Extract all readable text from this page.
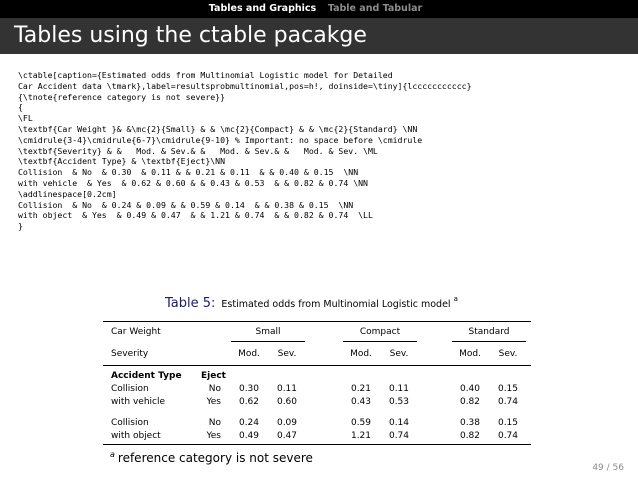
Tables and Graphics	Table and Tabular
Tables using the ctable pacakge
\ctable[caption={Estimated odds from Multinomial Logistic model for Detailed
Car Accident data \tmark},label=resultsprobmultinomial,pos=h!, doinside=\tiny]{lccccccccccc}
{\tnote{reference category is not severe}}
{
\FL
\textbf{Car Weight }& &\mc{2}{Small} & & \mc{2}{Compact} & & \mc{2}{Standard} \NN
\cmidrule{3-4}\cmidrule{6-7}\cmidrule{9-10} % Important: no space before \cmidrule
\textbf{Severity} & &   Mod. & Sev.& &   Mod. & Sev.& &   Mod. & Sev. \ML
\textbf{Accident Type} & \textbf{Eject}\NN
Collision  & No  & 0.30  & 0.11 & & 0.21 & 0.11  & & 0.40 & 0.15  \NN
with vehicle  & Yes  & 0.62 & 0.60 & & 0.43 & 0.53  & & 0.82 & 0.74 \NN
\addlinespace[0.2cm]
Collision  & No  & 0.24 & 0.09 & & 0.59 & 0.14  & & 0.38 & 0.15  \NN
with object  & Yes  & 0.49 & 0.47  & & 1.21 & 0.74  & & 0.82 & 0.74  \LL
}
Table 5: Estimated odds from Multinomial Logistic model$^a$
Car Weight	Small	Compact	Standard
Severity	Mod.	Sev.	Mod.	Sev.	Mod.	Sev.
Accident Type Eject
Collision	No	0.30	0.11	0.21	0.11	0.40	0.15
with vehicle	Yes	0.62	0.60	0.43	0.53	0.82	0.74
Collision	No	0.24	0.09	0.59	0.14	0.38	0.15
with object	Yes	0.49	0.47	1.21	0.74	0.82	0.74
$^a$ reference category is not severe
49 / 56
